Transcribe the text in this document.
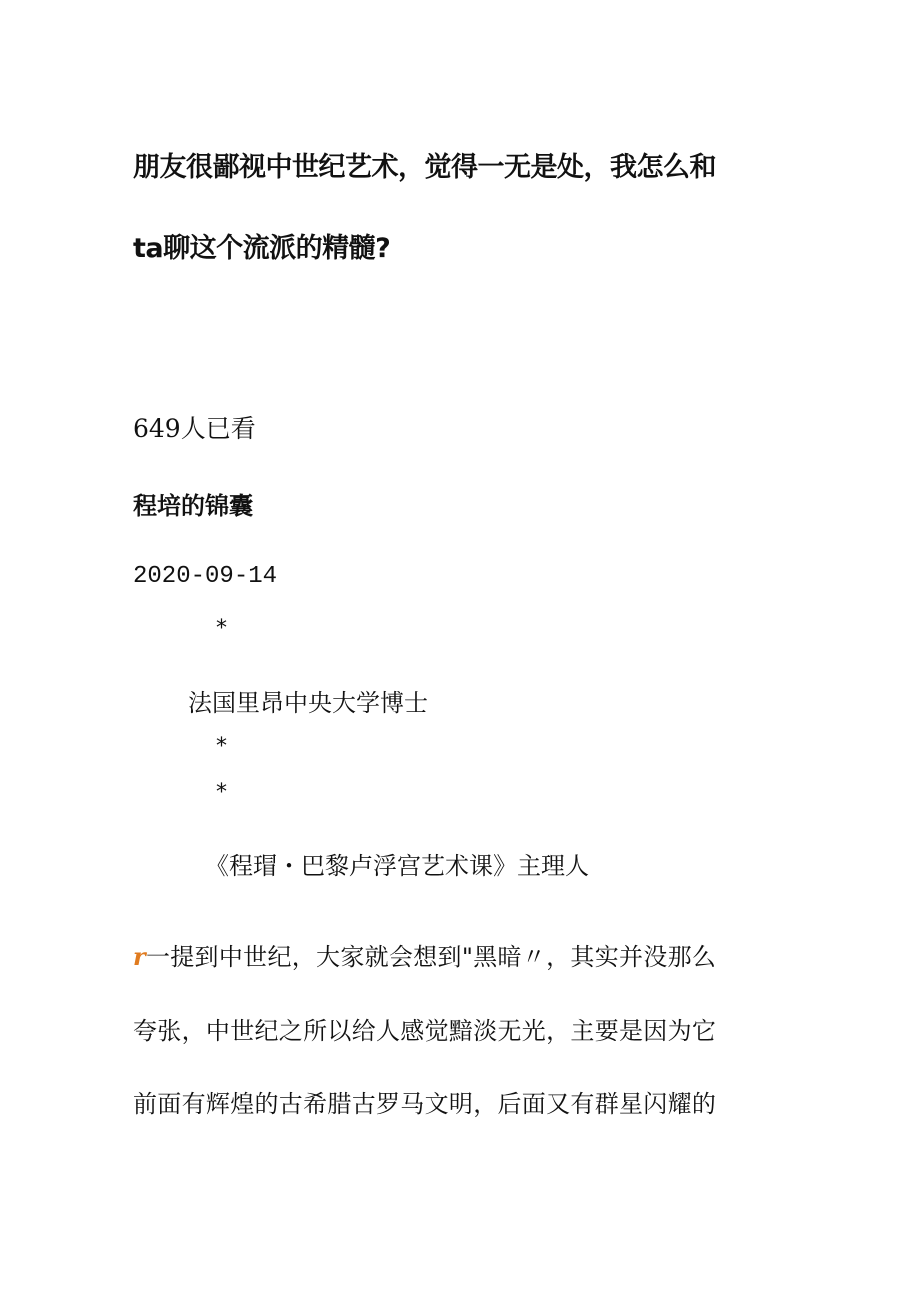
朋友很鄙视中世纪艺术，觉得一无是处，我怎么和
ta聊这个流派的精髓?
649人已看
程培的锦囊
2020-09-14
*
法国里昂中央大学博士
*
*
《程瑁・巴黎卢浮宫艺术课》主理人

r一提到中世纪，大家就会想到"黑暗〃，其实并没那么

夸张，中世纪之所以给人感觉黯淡无光，主要是因为它

前面有辉煌的古希腊古罗马文明，后面又有群星闪耀的
